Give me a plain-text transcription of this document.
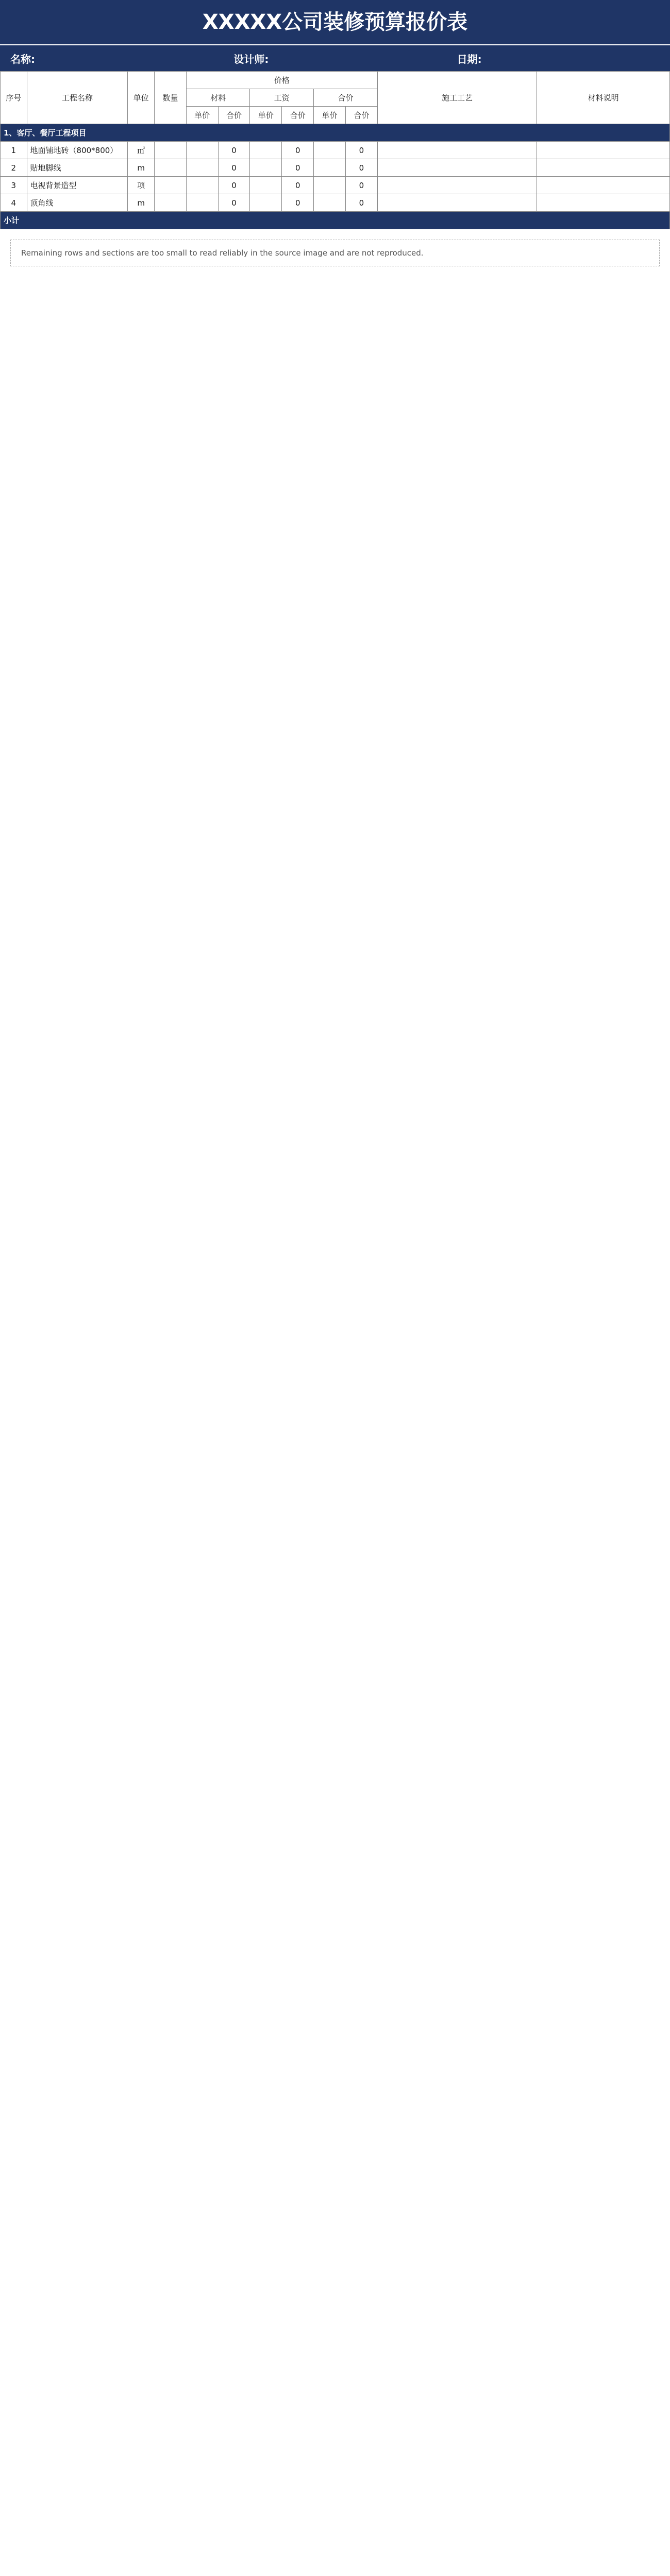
XXXXX公司装修预算报价表
名称:	设计师:	日期:
序号	工程名称	单位	数量	价格						施工工艺	材料说明
				材料		工资		合价			
				单价	合价	单价	合价	单价	合价		
1、客厅、餐厅工程项目											
1	地面铺地砖（800*800）	㎡			0		0		0		
2	贴地脚线	m			0		0		0		
3	电视背景造型	项			0		0		0		
4	顶角线	m			0		0		0		
小计											
Remaining rows and sections are too small to read reliably in the source image and are not reproduced.
